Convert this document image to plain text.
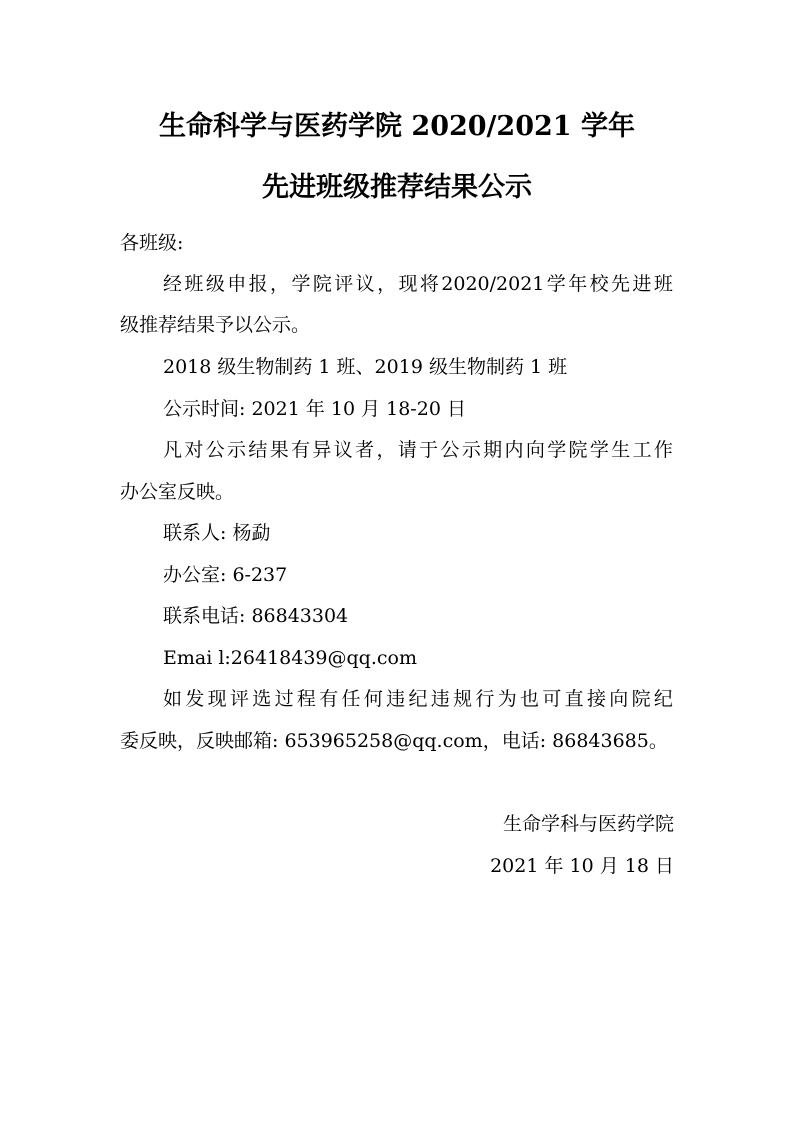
生命科学与医药学院 2020/2021 学年
先进班级推荐结果公示
各班级:
经 班 级 申 报 ， 学 院 评 议 ， 现 将 2020/2021 学 年 校 先 进 班
级推荐结果予以公示。
2018 级生物制药 1 班、2019 级生物制药 1 班
公示时间: 2021 年 10 月 18-20 日
凡 对 公 示 结 果 有 异 议 者 ， 请 于 公 示 期 内 向 学 院 学 生 工 作
办公室反映。
联系人: 杨勐
办公室: 6-237
联系电话: 86843304
Emai l:26418439@qq.com
如 发 现 评 选 过 程 有 任 何 违 纪 违 规 行 为 也 可 直 接 向 院 纪
委反映，反映邮箱: 653965258@qq.com，电话: 86843685。
生命学科与医药学院
2021 年 10 月 18 日
